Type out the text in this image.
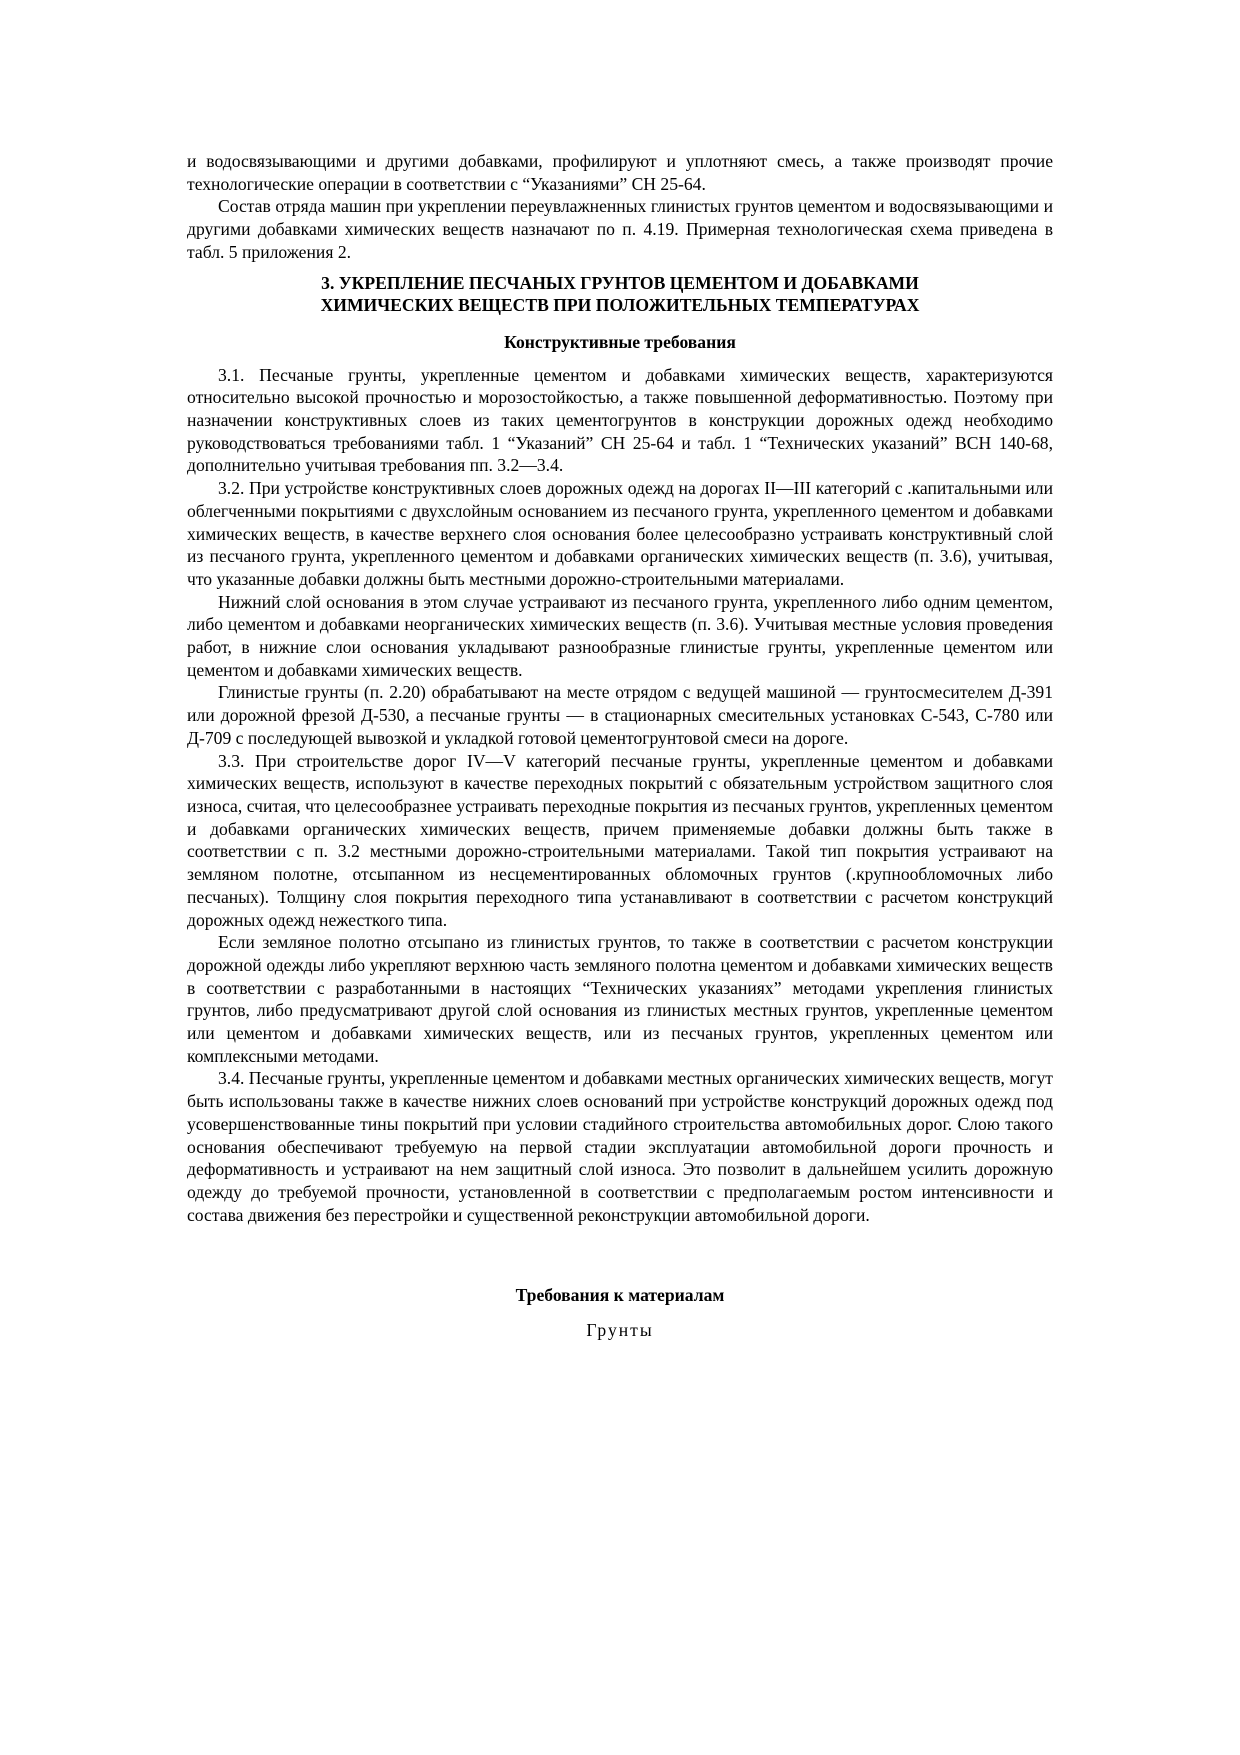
и водосвязывающими и другими добавками, профилируют и уплотняют смесь, а также производят прочие технологические операции в соответствии с “Указаниями” СН 25-64.

Состав отряда машин при укреплении переувлажненных глинистых грунтов цементом и водосвязывающими и другими добавками химических веществ назначают по п. 4.19. Примерная технологическая схема приведена в табл. 5 приложения 2.

3. УКРЕПЛЕНИЕ ПЕСЧАНЫХ ГРУНТОВ ЦЕМЕНТОМ И ДОБАВКАМИ
ХИМИЧЕСКИХ ВЕЩЕСТВ ПРИ ПОЛОЖИТЕЛЬНЫХ ТЕМПЕРАТУРАХ
Конструктивные требования

3.1. Песчаные грунты, укрепленные цементом и добавками химических веществ, характеризуются относительно высокой прочностью и морозостойкостью, а также повышенной деформативностью. Поэтому при назначении конструктивных слоев из таких цементогрунтов в конструкции дорожных одежд необходимо руководствоваться требованиями табл. 1 “Указаний” СН 25-64 и табл. 1 “Технических указаний” ВСН 140-68, дополнительно учитывая требования пп. 3.2—3.4.

3.2. При устройстве конструктивных слоев дорожных одежд на дорогах II—III категорий с .капитальными или облегченными покрытиями с двухслойным основанием из песчаного грунта, укрепленного цементом и добавками химических веществ, в качестве верхнего слоя основания более целесообразно устраивать конструктивный слой из песчаного грунта, укрепленного цементом и добавками органических химических веществ (п. 3.6), учитывая, что указанные добавки должны быть местными дорожно-строительными материалами.

Нижний слой основания в этом случае устраивают из песчаного грунта, укрепленного либо одним цементом, либо цементом и добавками неорганических химических веществ (п. 3.6). Учитывая местные условия проведения работ, в нижние слои основания укладывают разнообразные глинистые грунты, укрепленные цементом или цементом и добавками химических веществ.

Глинистые грунты (п. 2.20) обрабатывают на месте отрядом с ведущей машиной — грунтосмесителем Д-391 или дорожной фрезой Д-530, а песчаные грунты — в стационарных смесительных установках С-543, С-780 или Д-709 с последующей вывозкой и укладкой готовой цементогрунтовой смеси на дороге.

3.3. При строительстве дорог IV—V категорий песчаные грунты, укрепленные цементом и добавками химических веществ, используют в качестве переходных покрытий с обязательным устройством защитного слоя износа, считая, что целесообразнее устраивать переходные покрытия из песчаных грунтов, укрепленных цементом и добавками органических химических веществ, причем применяемые добавки должны быть также в соответствии с п. 3.2 местными дорожно-строительными материалами. Такой тип покрытия устраивают на земляном полотне, отсыпанном из несцементированных обломочных грунтов (.крупнообломочных либо песчаных). Толщину слоя покрытия переходного типа устанавливают в соответствии с расчетом конструкций дорожных одежд нежесткого типа.

Если земляное полотно отсыпано из глинистых грунтов, то также в соответствии с расчетом конструкции дорожной одежды либо укрепляют верхнюю часть земляного полотна цементом и добавками химических веществ в соответствии с разработанными в настоящих “Технических указаниях” методами укрепления глинистых грунтов, либо предусматривают другой слой основания из глинистых местных грунтов, укрепленные цементом или цементом и добавками химических веществ, или из песчаных грунтов, укрепленных цементом или комплексными методами.

3.4. Песчаные грунты, укрепленные цементом и добавками местных органических химических веществ, могут быть использованы также в качестве нижних слоев оснований при устройстве конструкций дорожных одежд под усовершенствованные тины покрытий при условии стадийного строительства автомобильных дорог. Слою такого основания обеспечивают требуемую на первой стадии эксплуатации автомобильной дороги прочность и деформативность и устраивают на нем защитный слой износа. Это позволит в дальнейшем усилить дорожную одежду до требуемой прочности, установленной в соответствии с предполагаемым ростом интенсивности и состава движения без перестройки и существенной реконструкции автомобильной дороги.

Требования к материалам
Грунты
